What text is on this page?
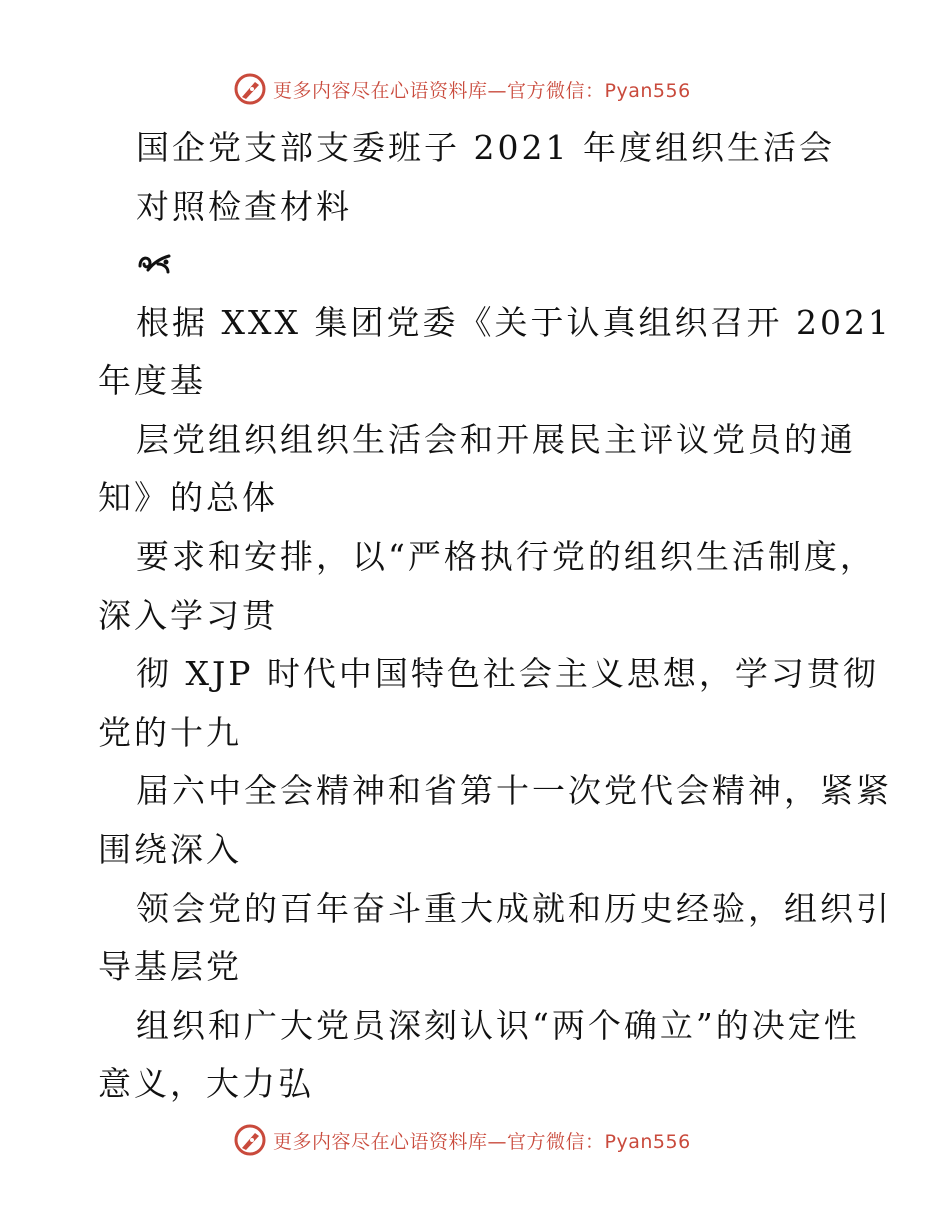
更多内容尽在心语资料库—官方微信：Pyan556
国企党支部支委班子 2021 年度组织生活会
对照检查材料
根据 XXX 集团党委《关于认真组织召开 2021
年度基
层党组织组织生活会和开展民主评议党员的通
知》的总体
要求和安排，以“严格执行党的组织生活制度，
深入学习贯
彻 XJP 时代中国特色社会主义思想，学习贯彻
党的十九
届六中全会精神和省第十一次党代会精神，紧紧
围绕深入
领会党的百年奋斗重大成就和历史经验，组织引
导基层党
组织和广大党员深刻认识“两个确立”的决定性
意义，大力弘
更多内容尽在心语资料库—官方微信：Pyan556
